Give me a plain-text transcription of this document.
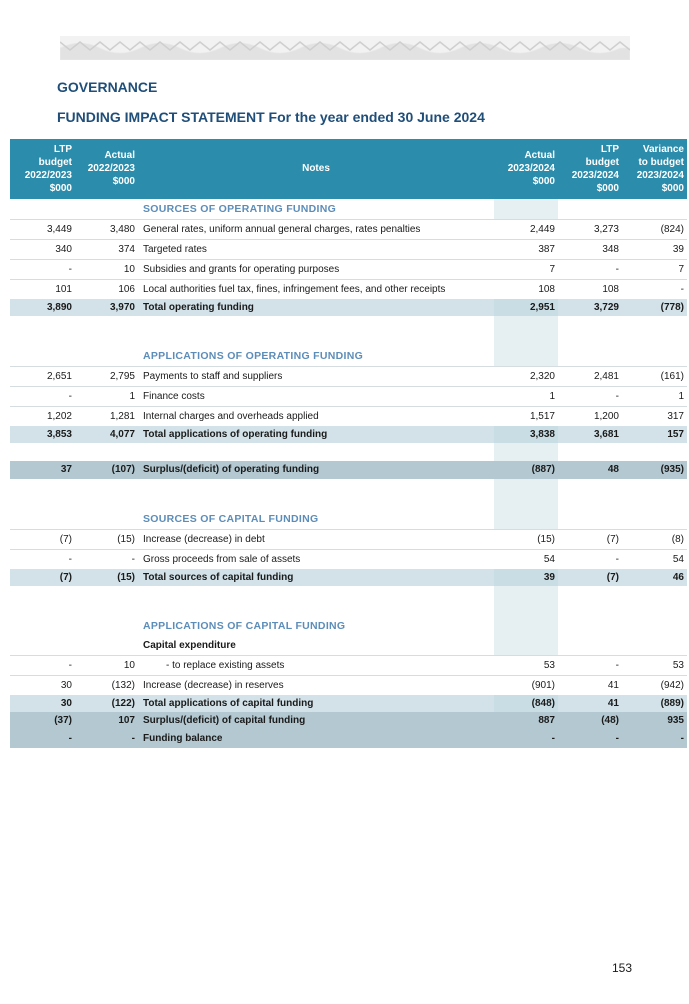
GOVERNANCE
FUNDING IMPACT STATEMENT For the year ended 30 June 2024
LTP
budget
2022/2023
$000	Actual
2022/2023
$000	Notes	Actual
2023/2024
$000	LTP
budget
2023/2024
$000	Variance
to budget
2023/2024
$000
		SOURCES OF OPERATING FUNDING			
3,449	3,480	General rates, uniform annual general charges, rates penalties	2,449	3,273	(824)
340	374	Targeted rates	387	348	39
-	10	Subsidies and grants for operating purposes	7	-	7
101	106	Local authorities fuel tax, fines, infringement fees, and other receipts	108	108	-
3,890	3,970	Total operating funding	2,951	3,729	(778)

		APPLICATIONS OF OPERATING FUNDING			
2,651	2,795	Payments to staff and suppliers	2,320	2,481	(161)
-	1	Finance costs	1	-	1
1,202	1,281	Internal charges and overheads applied	1,517	1,200	317
3,853	4,077	Total applications of operating funding	3,838	3,681	157

37	(107)	Surplus/(deficit) of operating funding	(887)	48	(935)

		SOURCES OF CAPITAL FUNDING			
(7)	(15)	Increase (decrease) in debt	(15)	(7)	(8)
-	-	Gross proceeds from sale of assets	54	-	54
(7)	(15)	Total sources of capital funding	39	(7)	46

		APPLICATIONS OF CAPITAL FUNDING			
		Capital expenditure			
-	10	- to replace existing assets	53	-	53
30	(132)	Increase (decrease) in reserves	(901)	41	(942)
30	(122)	Total applications of capital funding	(848)	41	(889)
(37)	107	Surplus/(deficit) of capital funding	887	(48)	935
-	-	Funding balance	-	-	-
153
